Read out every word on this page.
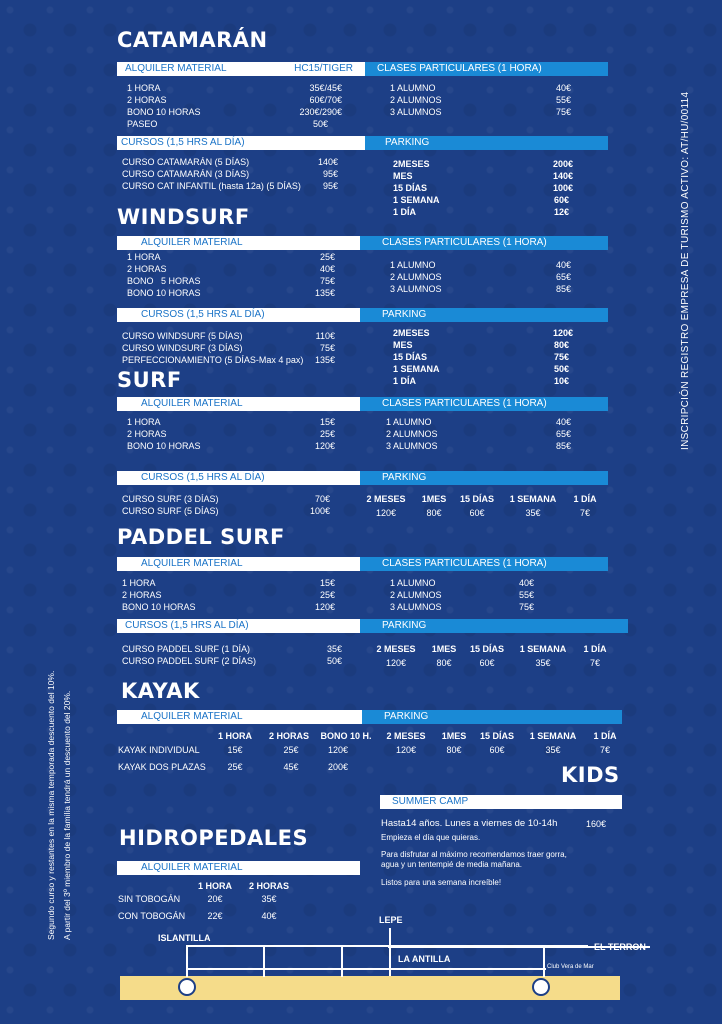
CATAMARÁN
ALQUILER MATERIAL	HC15/TIGER	CLASES PARTICULARES (1 HORA)
1 HORA	35€/45€
2 HORAS	60€/70€
BONO 10 HORAS	230€/290€
PASEO	50€
1 ALUMNO	40€
2 ALUMNOS	55€
3 ALUMNOS	75€
CURSOS (1,5 HRS AL DÍA)	PARKING
CURSO CATAMARÁN (5 DÍAS)	140€
CURSO CATAMARÁN (3 DÍAS)	95€
CURSO CAT INFANTIL (hasta 12a) (5 DÍAS) 95€
2MESES	200€
MES	140€
15 DÍAS	100€
1 SEMANA	60€
1 DÍA	12€
WINDSURF
ALQUILER MATERIAL	CLASES PARTICULARES (1 HORA)
1 HORA	25€
2 HORAS	40€
BONO   5 HORAS	75€
BONO 10 HORAS	135€
1 ALUMNO	40€
2 ALUMNOS	65€
3 ALUMNOS	85€
CURSOS (1,5 HRS AL DÍA)	PARKING
CURSO WINDSURF (5 DÍAS)	110€
CURSO WINDSURF (3 DÍAS)	75€
PERFECCIONAMIENTO (5 DÍAS-Max 4 pax) 135€
2MESES	120€
MES	80€
15 DÍAS	75€
1 SEMANA	50€
1 DÍA	10€
SURF
ALQUILER MATERIAL	CLASES PARTICULARES (1 HORA)
1 HORA	15€
2 HORAS	25€
BONO 10 HORAS	120€
1 ALUMNO	40€
2 ALUMNOS	65€
3 ALUMNOS	85€
CURSOS (1,5 HRS AL DÍA)	PARKING
CURSO SURF (3 DÍAS)	70€
CURSO SURF (5 DÍAS)	100€
2 MESES	1MES	15 DÍAS	1 SEMANA	1 DÍA
120€	80€	60€	35€	7€
PADDEL SURF
ALQUILER MATERIAL	CLASES PARTICULARES (1 HORA)
1 HORA	15€
2 HORAS	25€
BONO 10 HORAS	120€
1 ALUMNO	40€
2 ALUMNOS	55€
3 ALUMNOS	75€
CURSOS (1,5 HRS AL DÍA)	PARKING
CURSO PADDEL SURF (1 DÍA)	35€
CURSO PADDEL SURF (2 DÍAS)	50€
2 MESES	1MES	15 DÍAS	1 SEMANA	1 DÍA
120€	80€	60€	35€	7€
KAYAK
ALQUILER MATERIAL	PARKING
1 HORA	2 HORAS	BONO 10 H.
KAYAK INDIVIDUAL	15€	25€	120€
KAYAK DOS PLAZAS	25€	45€	200€
2 MESES	1MES	15 DÍAS	1 SEMANA	1 DÍA
120€	80€	60€	35€	7€
KIDS
SUMMER CAMP
Hasta14 años. Lunes a viernes de 10-14h	160€
Empieza el día que quieras.
Para disfrutar al máximo recomendamos traer gorra,
agua y un tentempié de media mañana.
Listos para una semana increíble!
HIDROPEDALES
ALQUILER MATERIAL
1 HORA	2 HORAS
SIN TOBOGÁN	20€	35€
CON TOBOGÁN	22€	40€	LEPE
ISLANTILLA
EL TERRON
LA ANTILLA
Club Vera de Mar
INSCRIPCIÓN REGISTRO EMPRESA DE TURISMO ACTIVO: AT/HU/00114
Segundo curso y restantes en la misma temporada descuento del 10%. A partir del 3º miembro de la familia tendrá un descuento del 20%.
